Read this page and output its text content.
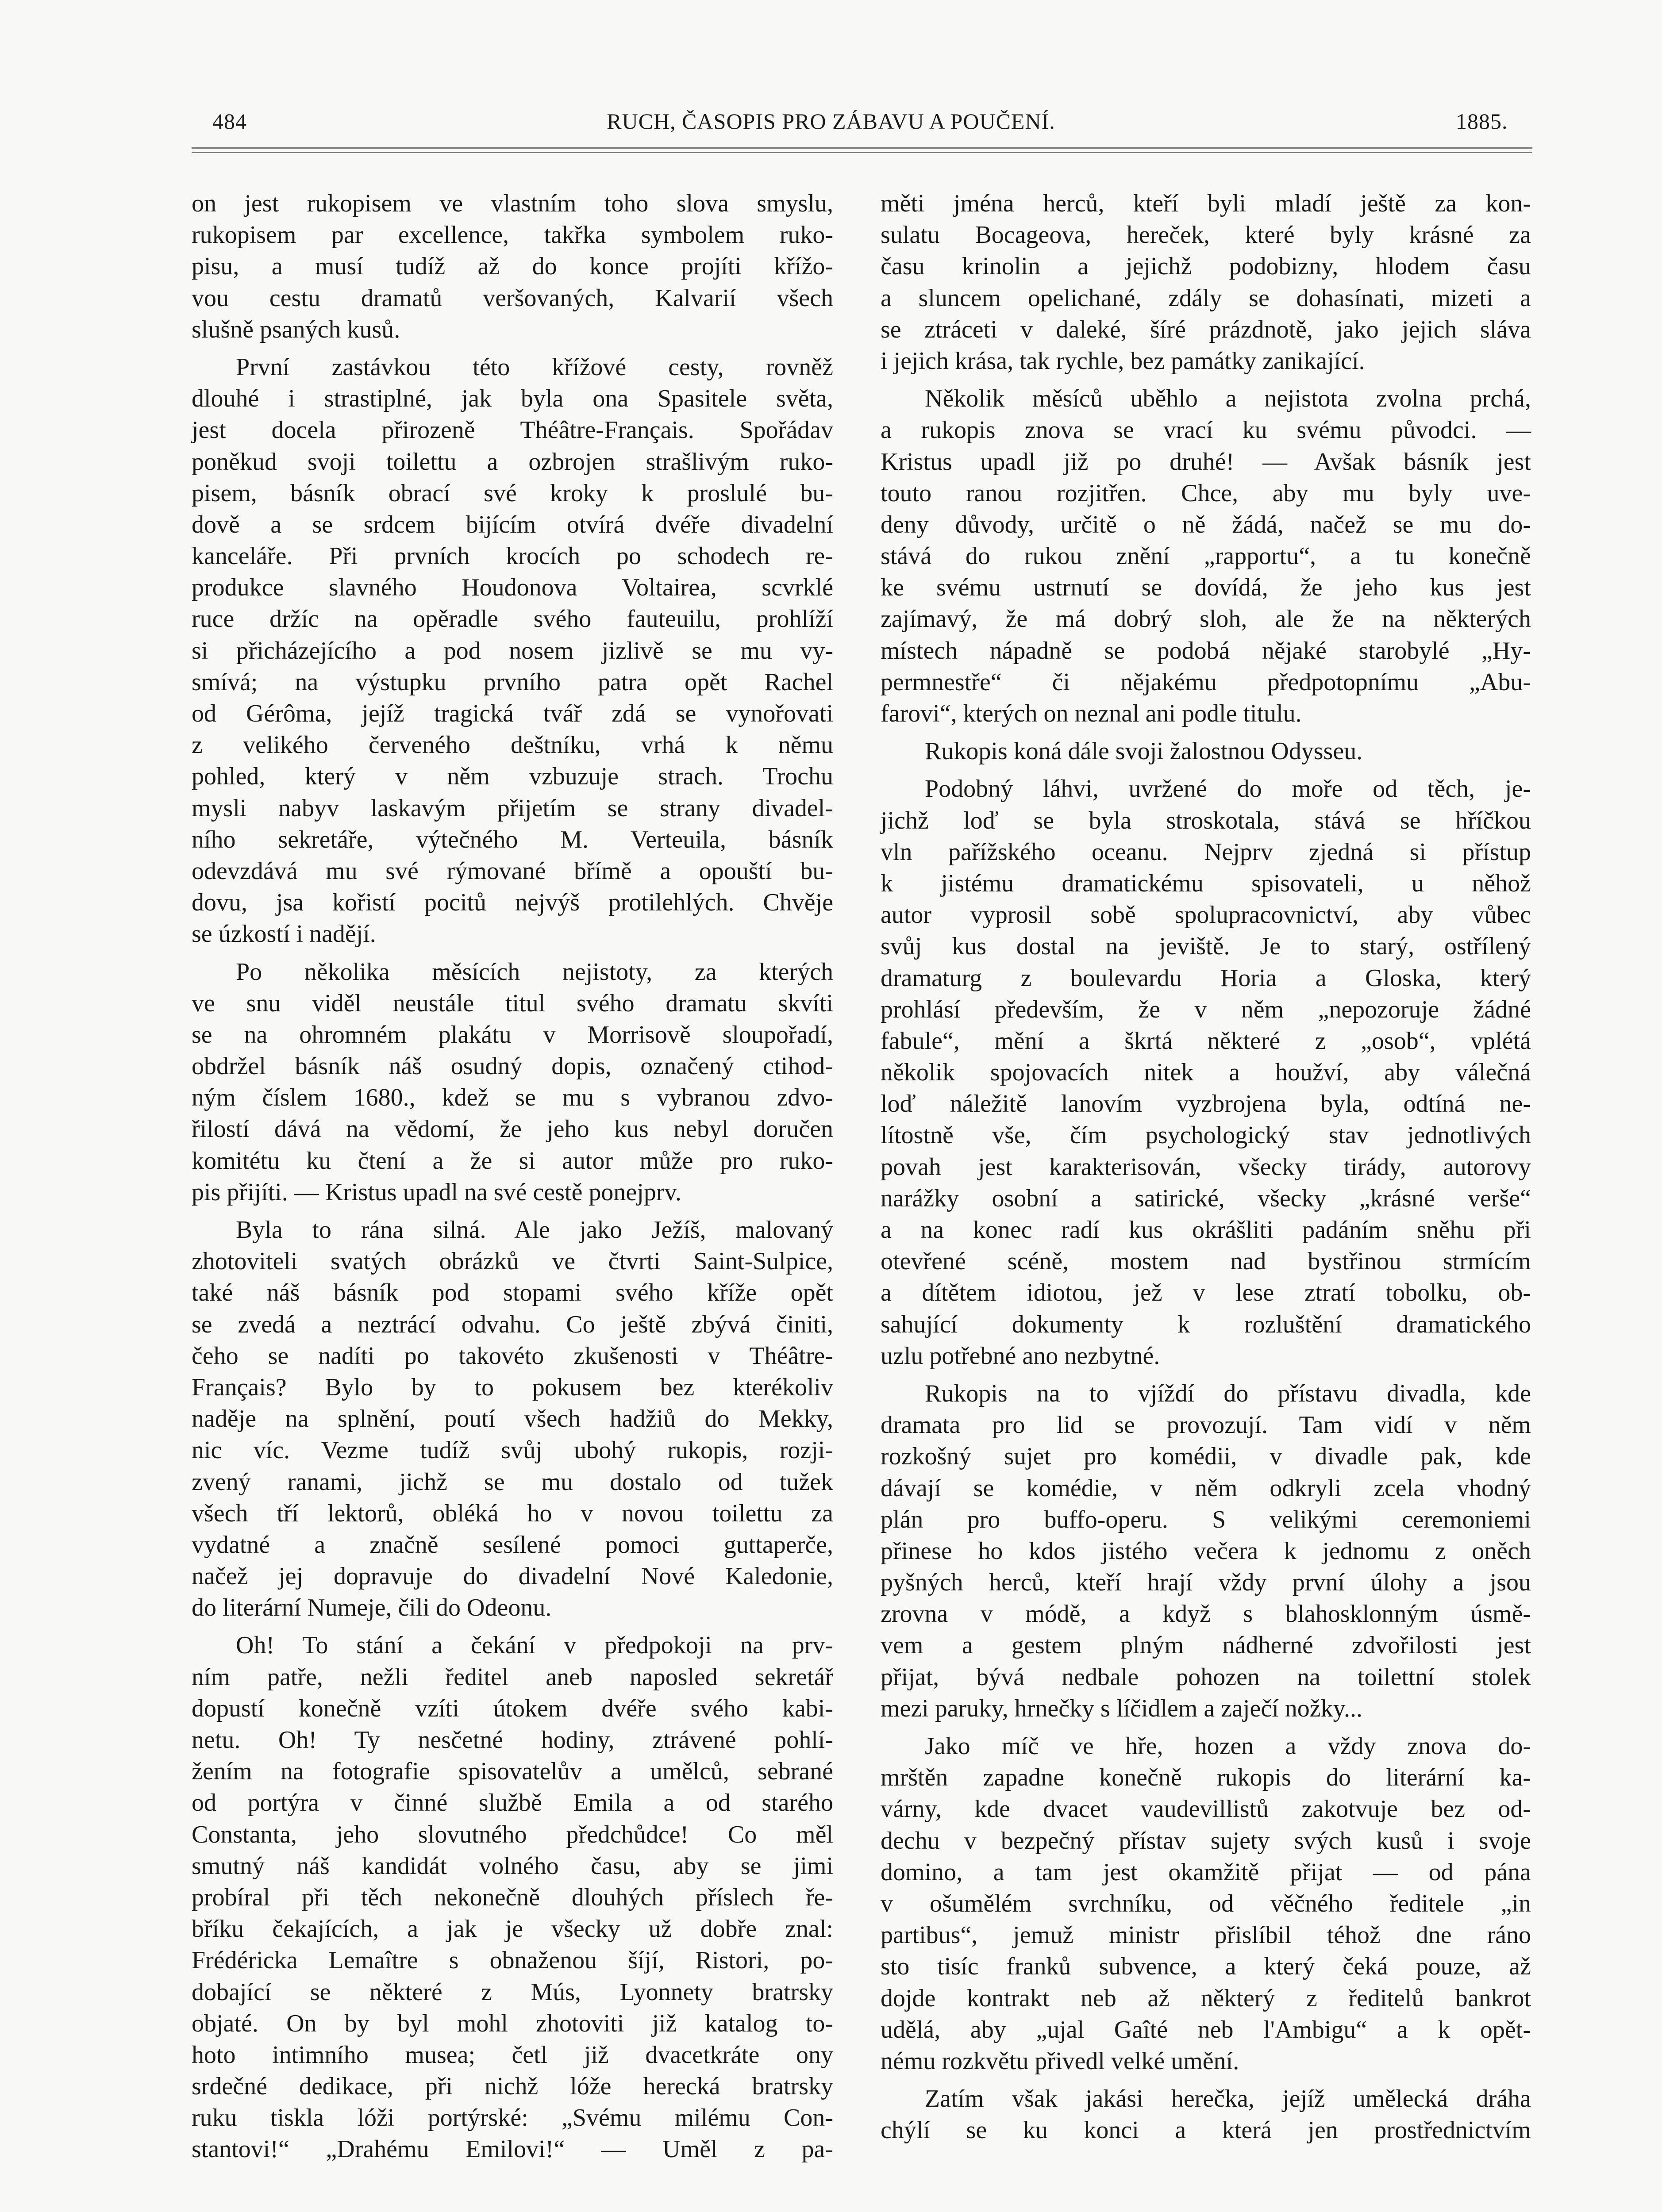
484	RUCH, ČASOPIS PRO ZÁBAVU A POUČENÍ.	1885.
on jest rukopisem ve vlastním toho slova smyslu,
rukopisem par excellence, takřka symbolem ruko-
pisu, a musí tudíž až do konce projíti křížo-
vou cestu dramatů veršovaných, Kalvarií všech
slušně psaných kusů.
První zastávkou této křížové cesty, rovněž
dlouhé i strastiplné, jak byla ona Spasitele světa,
jest docela přirozeně Théâtre-Français. Spořádav
poněkud svoji toilettu a ozbrojen strašlivým ruko-
pisem, básník obrací své kroky k proslulé bu-
dově a se srdcem bijícím otvírá dvéře divadelní
kanceláře. Při prvních krocích po schodech re-
produkce slavného Houdonova Voltairea, scvrklé
ruce držíc na opěradle svého fauteuilu, prohlíží
si přicházejícího a pod nosem jizlivě se mu vy-
smívá; na výstupku prvního patra opět Rachel
od Gérôma, jejíž tragická tvář zdá se vynořovati
z velikého červeného deštníku, vrhá k němu
pohled, který v něm vzbuzuje strach. Trochu
mysli nabyv laskavým přijetím se strany divadel-
ního sekretáře, výtečného M. Verteuila, básník
odevzdává mu své rýmované břímě a opouští bu-
dovu, jsa kořistí pocitů nejvýš protilehlých. Chvěje
se úzkostí i nadějí.
Po několika měsících nejistoty, za kterých
ve snu viděl neustále titul svého dramatu skvíti
se na ohromném plakátu v Morrisově sloupořadí,
obdržel básník náš osudný dopis, označený ctihod-
ným číslem 1680., kdež se mu s vybranou zdvo-
řilostí dává na vědomí, že jeho kus nebyl doručen
komitétu ku čtení a že si autor může pro ruko-
pis přijíti. — Kristus upadl na své cestě ponejprv.
Byla to rána silná. Ale jako Ježíš, malovaný
zhotoviteli svatých obrázků ve čtvrti Saint-Sulpice,
také náš básník pod stopami svého kříže opět
se zvedá a neztrácí odvahu. Co ještě zbývá činiti,
čeho se nadíti po takovéto zkušenosti v Théâtre-
Français? Bylo by to pokusem bez kterékoliv
naděje na splnění, poutí všech hadžiů do Mekky,
nic víc. Vezme tudíž svůj ubohý rukopis, rozji-
zvený ranami, jichž se mu dostalo od tužek
všech tří lektorů, obléká ho v novou toilettu za
vydatné a značně sesílené pomoci guttaperče,
načež jej dopravuje do divadelní Nové Kaledonie,
do literární Numeje, čili do Odeonu.
Oh! To stání a čekání v předpokoji na prv-
ním patře, nežli ředitel aneb naposled sekretář
dopustí konečně vzíti útokem dvéře svého kabi-
netu. Oh! Ty nesčetné hodiny, ztrávené pohlí-
žením na fotografie spisovatelův a umělců, sebrané
od portýra v činné službě Emila a od starého
Constanta, jeho slovutného předchůdce! Co měl
smutný náš kandidát volného času, aby se jimi
probíral při těch nekonečně dlouhých příslech ře-
bříku čekajících, a jak je všecky už dobře znal:
Frédéricka Lemaître s obnaženou šíjí, Ristori, po-
dobající se některé z Mús, Lyonnety bratrsky
objaté. On by byl mohl zhotoviti již katalog to-
hoto intimního musea; četl již dvacetkráte ony
srdečné dedikace, při nichž lóže herecká bratrsky
ruku tiskla lóži portýrské: „Svému milému Con-
stantovi!“ „Drahému Emilovi!“ — Uměl z pa-
měti jména herců, kteří byli mladí ještě za kon-
sulatu Bocageova, hereček, které byly krásné za
času krinolin a jejichž podobizny, hlodem času
a sluncem opelichané, zdály se dohasínati, mizeti a
se ztráceti v daleké, šíré prázdnotě, jako jejich sláva
i jejich krása, tak rychle, bez památky zanikající.
Několik měsíců uběhlo a nejistota zvolna prchá,
a rukopis znova se vrací ku svému původci. —
Kristus upadl již po druhé! — Avšak básník jest
touto ranou rozjitřen. Chce, aby mu byly uve-
deny důvody, určitě o ně žádá, načež se mu do-
stává do rukou znění „rapportu“, a tu konečně
ke svému ustrnutí se dovídá, že jeho kus jest
zajímavý, že má dobrý sloh, ale že na některých
místech nápadně se podobá nějaké starobylé „Hy-
permnestře“ či nějakému předpotopnímu „Abu-
farovi“, kterých on neznal ani podle titulu.
Rukopis koná dále svoji žalostnou Odysseu.
Podobný láhvi, uvržené do moře od těch, je-
jichž loď se byla stroskotala, stává se hříčkou
vln pařížského oceanu. Nejprv zjedná si přístup
k jistému dramatickému spisovateli, u něhož
autor vyprosil sobě spolupracovnictví, aby vůbec
svůj kus dostal na jeviště. Je to starý, ostřílený
dramaturg z boulevardu Horia a Gloska, který
prohlásí především, že v něm „nepozoruje žádné
fabule“, mění a škrtá některé z „osob“, vplétá
několik spojovacích nitek a houžví, aby válečná
loď náležitě lanovím vyzbrojena byla, odtíná ne-
lítostně vše, čím psychologický stav jednotlivých
povah jest karakterisován, všecky tirády, autorovy
narážky osobní a satirické, všecky „krásné verše“
a na konec radí kus okrášliti padáním sněhu při
otevřené scéně, mostem nad bystřinou strmícím
a dítětem idiotou, jež v lese ztratí tobolku, ob-
sahující dokumenty k rozluštění dramatického
uzlu potřebné ano nezbytné.
Rukopis na to vjíždí do přístavu divadla, kde
dramata pro lid se provozují. Tam vidí v něm
rozkošný sujet pro komédii, v divadle pak, kde
dávají se komédie, v něm odkryli zcela vhodný
plán pro buffo-operu. S velikými ceremoniemi
přinese ho kdos jistého večera k jednomu z oněch
pyšných herců, kteří hrají vždy první úlohy a jsou
zrovna v módě, a když s blahosklonným úsmě-
vem a gestem plným nádherné zdvořilosti jest
přijat, bývá nedbale pohozen na toilettní stolek
mezi paruky, hrnečky s líčidlem a zaječí nožky...
Jako míč ve hře, hozen a vždy znova do-
mrštěn zapadne konečně rukopis do literární ka-
várny, kde dvacet vaudevillistů zakotvuje bez od-
dechu v bezpečný přístav sujety svých kusů i svoje
domino, a tam jest okamžitě přijat — od pána
v ošumělém svrchníku, od věčného ředitele „in
partibus“, jemuž ministr přislíbil téhož dne ráno
sto tisíc franků subvence, a který čeká pouze, až
dojde kontrakt neb až některý z ředitelů bankrot
udělá, aby „ujal Gaîté neb l'Ambigu“ a k opět-
nému rozkvětu přivedl velké umění.
Zatím však jakási herečka, jejíž umělecká dráha
chýlí se ku konci a která jen prostřednictvím
